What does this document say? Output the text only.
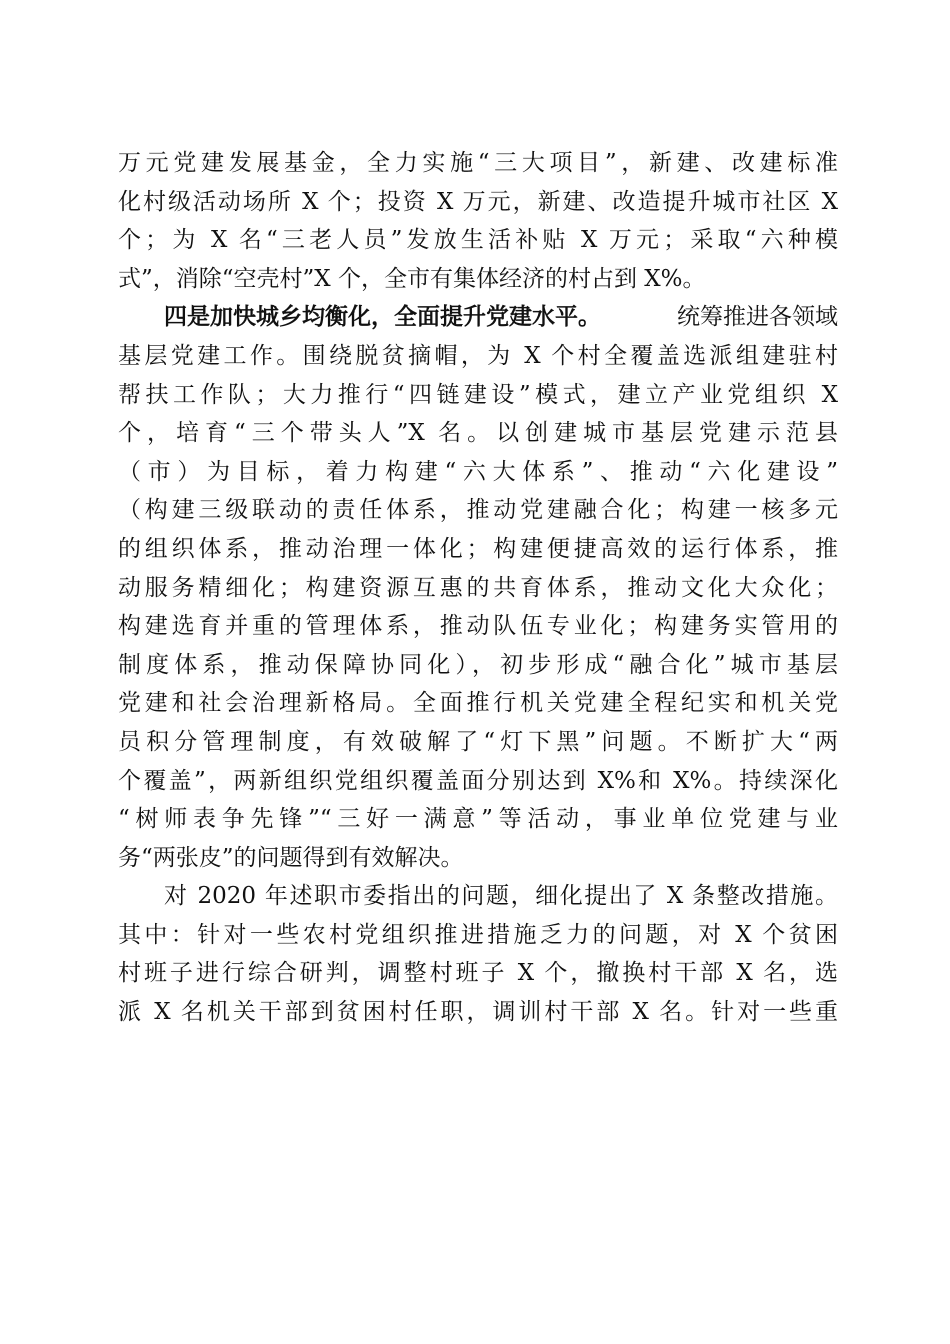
万元党建发展基金，全力实施“三大项目”，新建、改建标准
化村级活动场所 X 个；投资 X 万元，新建、改造提升城市社区 X
个；为 X 名“三老人员”发放生活补贴 X 万元；采取“六种模
式”，消除“空壳村”X 个，全市有集体经济的村占到 X%。
四是加快城乡均衡化，全面提升党建水平。	统筹推进各领域
基层党建工作。围绕脱贫摘帽，为 X 个村全覆盖选派组建驻村
帮扶工作队；大力推行“四链建设”模式，建立产业党组织 X
个，培育“三个带头人”X 名。以创建城市基层党建示范县
（市）为目标，着力构建“六大体系”、推动“六化建设”
（构建三级联动的责任体系，推动党建融合化；构建一核多元
的组织体系，推动治理一体化；构建便捷高效的运行体系，推
动服务精细化；构建资源互惠的共育体系，推动文化大众化；
构建选育并重的管理体系，推动队伍专业化；构建务实管用的
制度体系，推动保障协同化），初步形成“融合化”城市基层
党建和社会治理新格局。全面推行机关党建全程纪实和机关党
员积分管理制度，有效破解了“灯下黑”问题。不断扩大“两
个覆盖”，两新组织党组织覆盖面分别达到 X%和 X%。持续深化
“树师表争先锋”“三好一满意”等活动，事业单位党建与业
务“两张皮”的问题得到有效解决。
对 2020 年述职市委指出的问题，细化提出了 X 条整改措施。
其中：针对一些农村党组织推进措施乏力的问题，对 X 个贫困
村班子进行综合研判，调整村班子 X 个，撤换村干部 X 名，选
派 X 名机关干部到贫困村任职，调训村干部 X 名。针对一些重
